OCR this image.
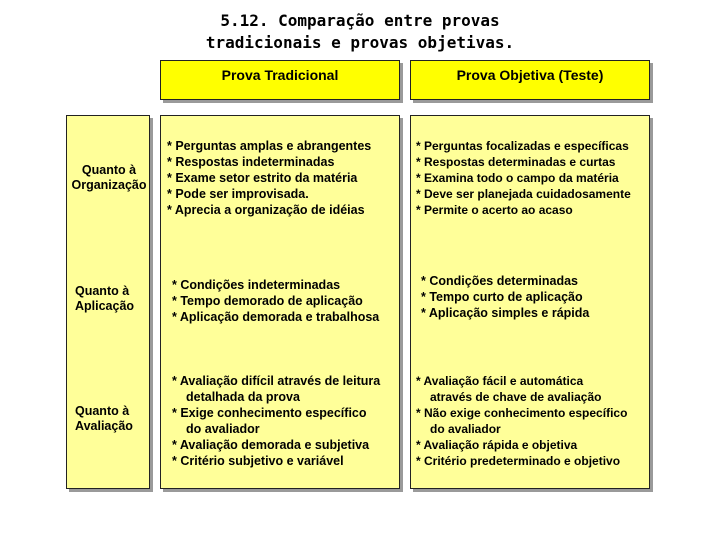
5.12. Comparação entre provas
tradicionais e provas objetivas.
Prova Tradicional	Prova Objetiva (Teste)
Quanto à
Organização
Quanto à
Aplicação
Quanto à
Avaliação
* Perguntas amplas e abrangentes
* Respostas indeterminadas
* Exame setor estrito da matéria
* Pode ser improvisada.
* Aprecia a organização de idéias
* Condições indeterminadas
* Tempo demorado de aplicação
* Aplicação demorada e trabalhosa
* Avaliação difícil através de leitura
detalhada da prova
* Exige conhecimento específico
do avaliador
* Avaliação demorada e subjetiva
* Critério subjetivo e variável
* Perguntas focalizadas e específicas
* Respostas determinadas e curtas
* Examina todo o campo da matéria
* Deve ser planejada cuidadosamente
* Permite o acerto ao acaso
* Condições determinadas
* Tempo curto de aplicação
* Aplicação simples e rápida
* Avaliação fácil e automática
através de chave de avaliação
* Não exige conhecimento específico
do avaliador
* Avaliação rápida e objetiva
* Critério predeterminado e objetivo
